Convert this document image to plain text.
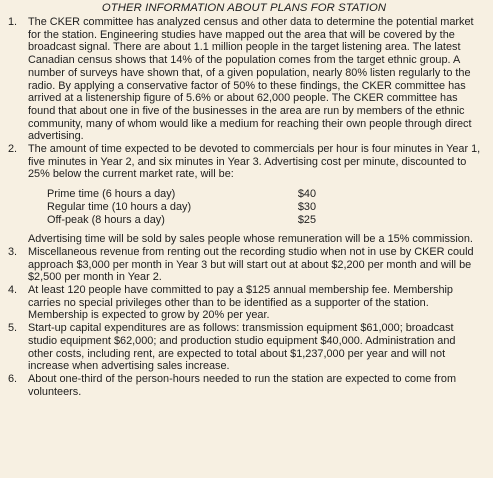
OTHER INFORMATION ABOUT PLANS FOR STATION
1.	The CKER committee has analyzed census and other data to determine the potential market for the station. Engineering studies have mapped out the area that will be covered by the broadcast signal. There are about 1.1 million people in the target listening area. The latest Canadian census shows that 14% of the population comes from the target ethnic group. A number of surveys have shown that, of a given population, nearly 80% listen regularly to the radio. By applying a conservative factor of 50% to these findings, the CKER committee has arrived at a listenership figure of 5.6% or about 62,000 people. The CKER committee has found that about one in five of the businesses in the area are run by members of the ethnic community, many of whom would like a medium for reaching their own people through direct advertising.

2.	The amount of time expected to be devoted to commercials per hour is four minutes in Year 1, five minutes in Year 2, and six minutes in Year 3. Advertising cost per minute, discounted to 25% below the current market rate, will be:

Prime time (6 hours a day)	$40
Regular time (10 hours a day)	$30
Off-peak (8 hours a day)	$25

Advertising time will be sold by sales people whose remuneration will be a 15% commission.

3.	Miscellaneous revenue from renting out the recording studio when not in use by CKER could approach $3,000 per month in Year 3 but will start out at about $2,200 per month and will be $2,500 per month in Year 2.

4.	At least 120 people have committed to pay a $125 annual membership fee. Membership carries no special privileges other than to be identified as a supporter of the station. Membership is expected to grow by 20% per year.

5.	Start-up capital expenditures are as follows: transmission equipment $61,000; broadcast studio equipment $62,000; and production studio equipment $40,000. Administration and other costs, including rent, are expected to total about $1,237,000 per year and will not increase when advertising sales increase.

6.	About one-third of the person-hours needed to run the station are expected to come from volunteers.
